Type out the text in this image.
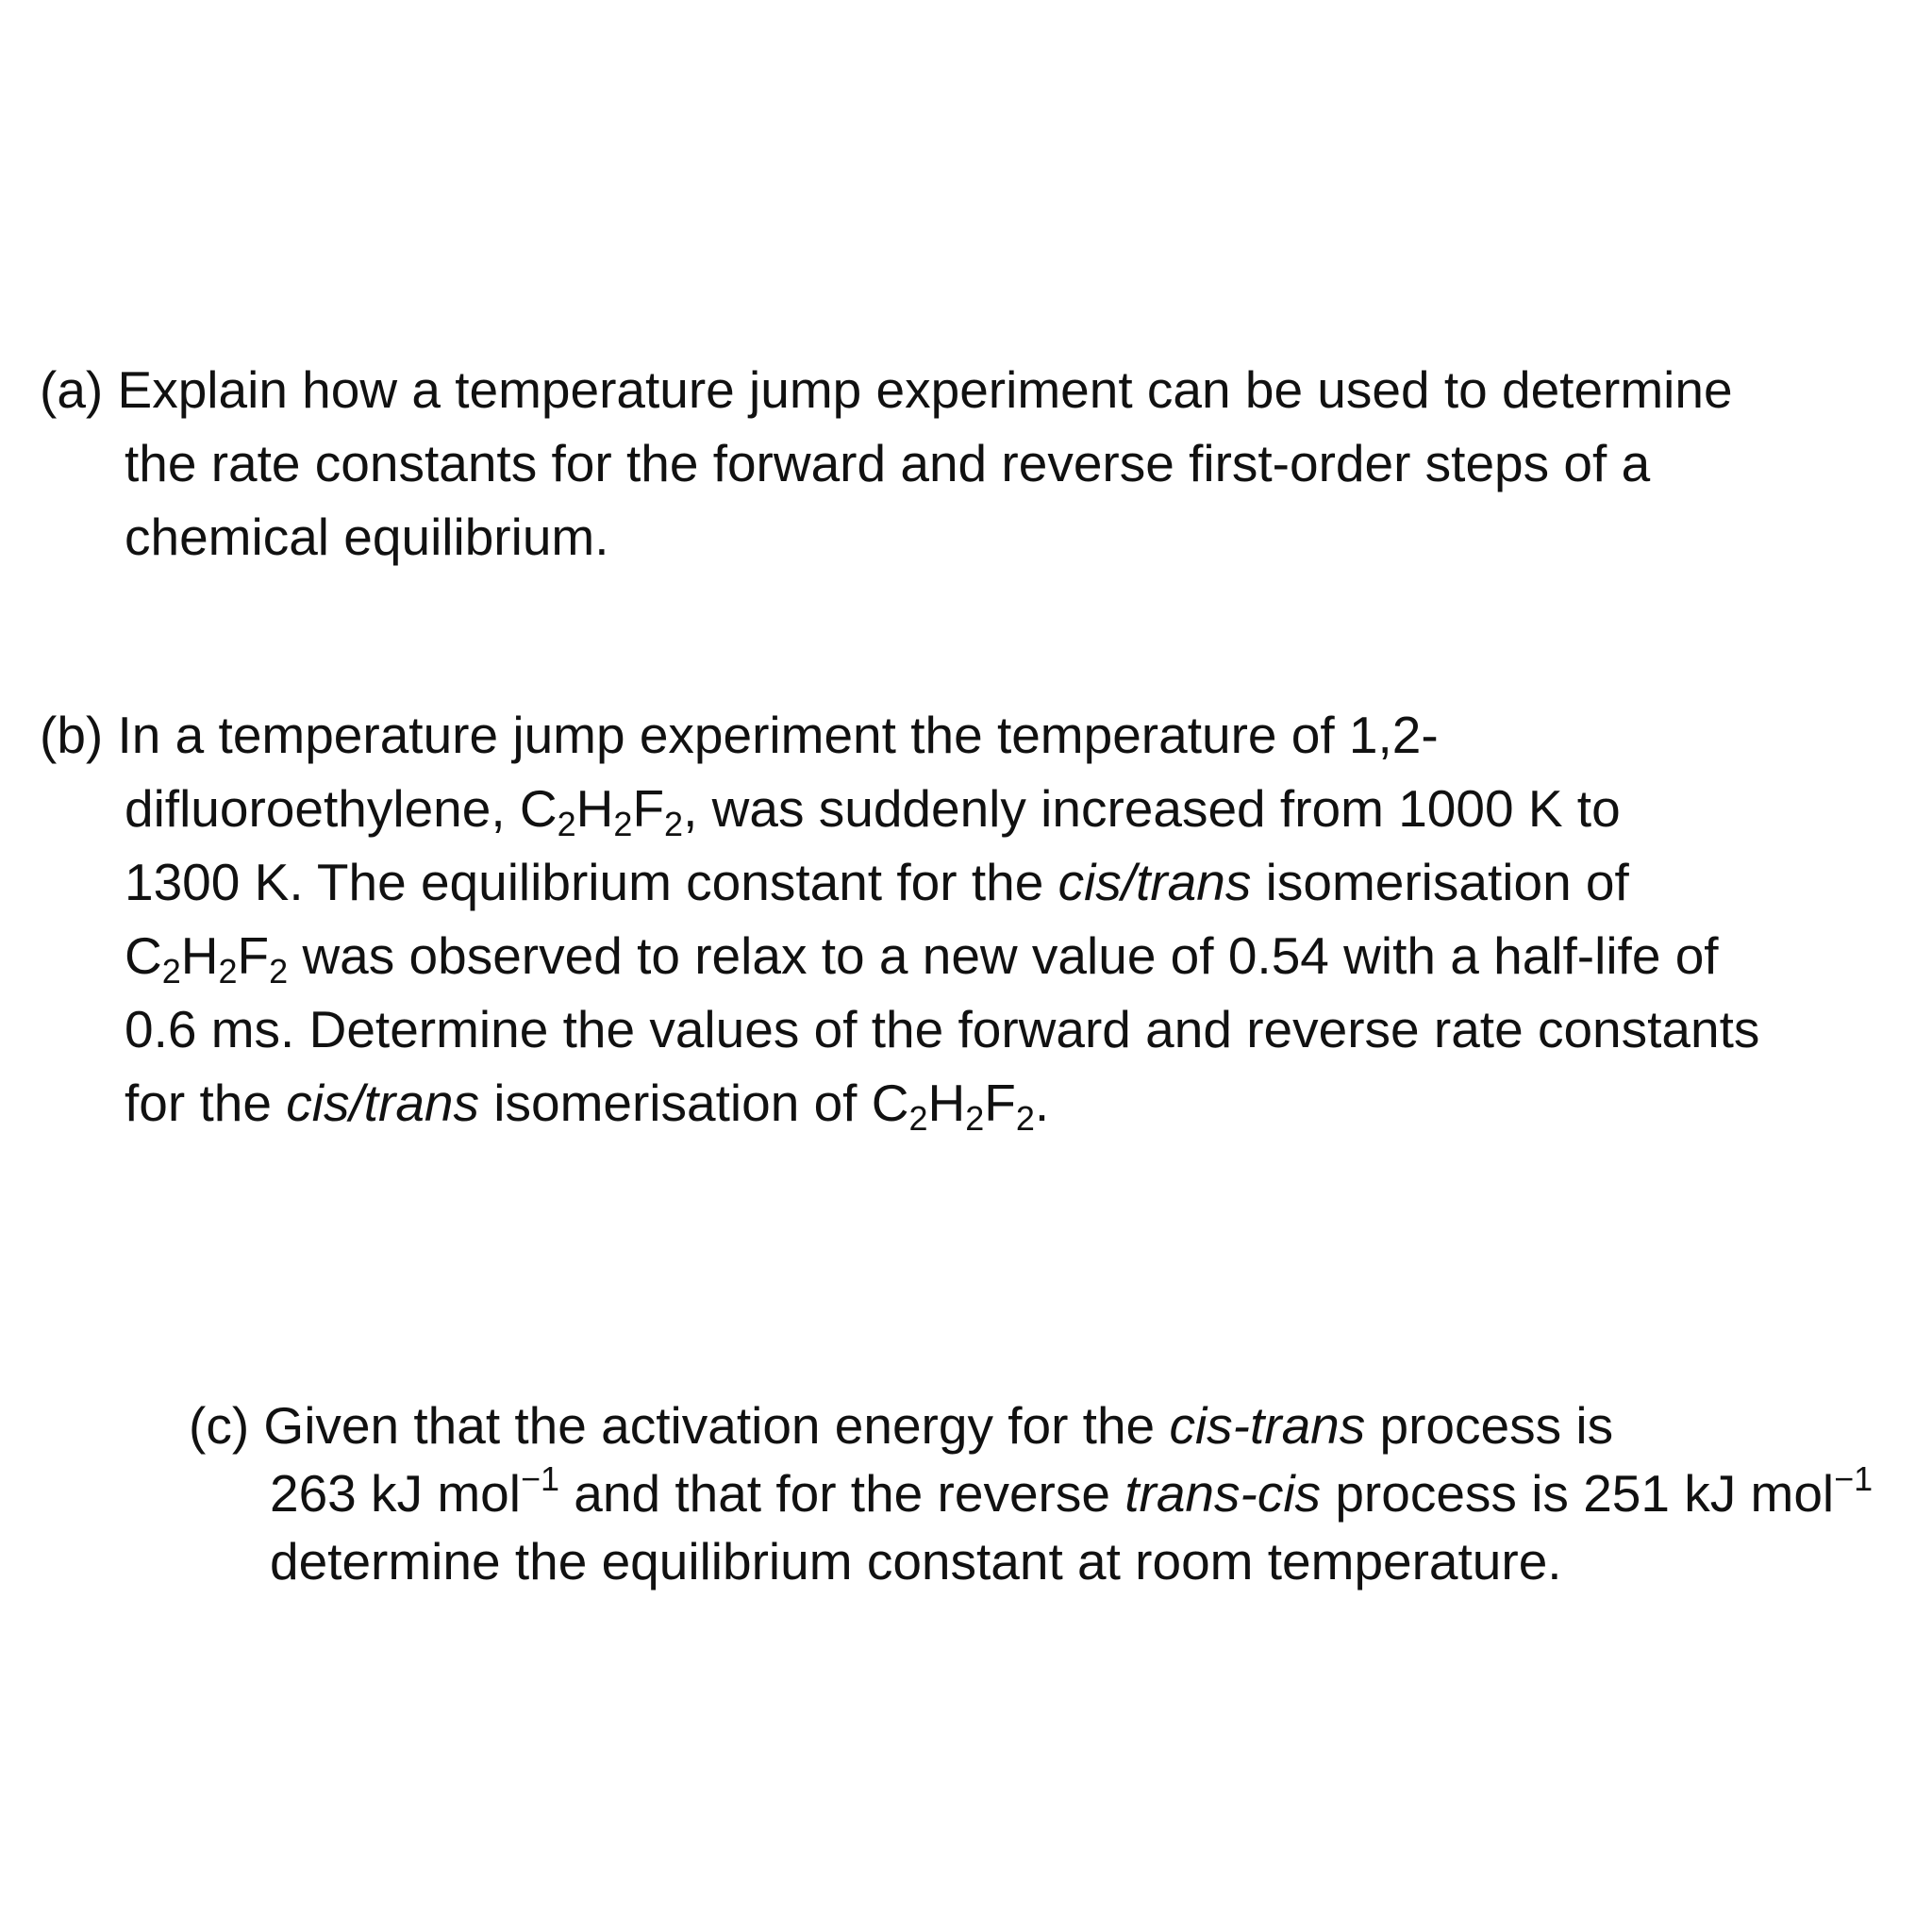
(a) Explain how a temperature jump experiment can be used to determine
the rate constants for the forward and reverse first-order steps of a
chemical equilibrium.
(b) In a temperature jump experiment the temperature of 1,2-
difluoroethylene, $C_2H_2F_2$, was suddenly increased from 1000 K to
1300 K. The equilibrium constant for the cis/trans isomerisation of
$C_2H_2F_2$ was observed to relax to a new value of 0.54 with a half-life of
0.6 ms. Determine the values of the forward and reverse rate constants
for the cis/trans isomerisation of $C_2H_2F_2$.
(c) Given that the activation energy for the cis-trans process is
263 kJ mol$^{-1}$ and that for the reverse trans-cis process is 251 kJ mol$^{-1}$
determine the equilibrium constant at room temperature.
